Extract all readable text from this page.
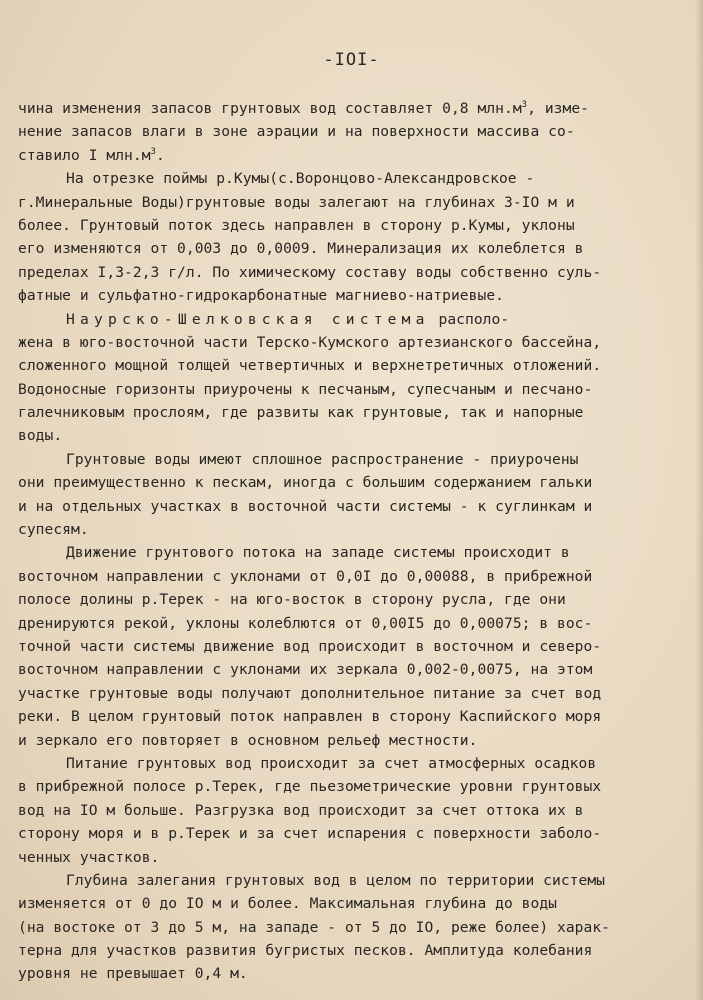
-IOI-
чина изменения запасов грунтовых вод составляет 0,8 $млн.м^3$, изме-
нение запасов влаги в зоне аэрации и на поверхности массива со-
ставило I $млн.м^3$.
На отрезке поймы р.Кумы(с.Воронцово-Александровское -
г.Минеральные Воды)грунтовые воды залегают на глубинах 3-IO м и
более. Грунтовый поток здесь направлен в сторону р.Кумы, уклоны
его изменяются от 0,003 до 0,0009. Минерализация их колеблется в
пределах I,3-2,3 г/л. По химическому составу воды собственно суль-
фатные и сульфатно-гидрокарбонатные магниево-натриевые.
Наурско-Шелковская система располо-
жена в юго-восточной части Терско-Кумского артезианского бассейна,
сложенного мощной толщей четвертичных и верхнетретичных отложений.
Водоносные горизонты приурочены к песчаным, супесчаным и песчано-
галечниковым прослоям, где развиты как грунтовые, так и напорные
воды.
Грунтовые воды имеют сплошное распространение - приурочены
они преимущественно к пескам, иногда с большим содержанием гальки
и на отдельных участках в восточной части системы - к суглинкам и
супесям.
Движение грунтового потока на западе системы происходит в
восточном направлении с уклонами от 0,0I до 0,00088, в прибрежной
полосе долины р.Терек - на юго-восток в сторону русла, где они
дренируются рекой, уклоны колеблются от 0,00I5 до 0,00075; в вос-
точной части системы движение вод происходит в восточном и северо-
восточном направлении с уклонами их зеркала 0,002-0,0075, на этом
участке грунтовые воды получают дополнительное питание за счет вод
реки. В целом грунтовый поток направлен в сторону Каспийского моря
и зеркало его повторяет в основном рельеф местности.
Питание грунтовых вод происходит за счет атмосферных осадков
в прибрежной полосе р.Терек, где пьезометрические уровни грунтовых
вод на IO м больше. Разгрузка вод происходит за счет оттока их в
сторону моря и в р.Терек и за счет испарения с поверхности заболо-
ченных участков.
Глубина залегания грунтовых вод в целом по территории системы
изменяется от 0 до IO м и более. Максимальная глубина до воды
(на востоке от 3 до 5 м, на западе - от 5 до IO, реже более) харак-
терна для участков развития бугристых песков. Амплитуда колебания
уровня не превышает 0,4 м.
